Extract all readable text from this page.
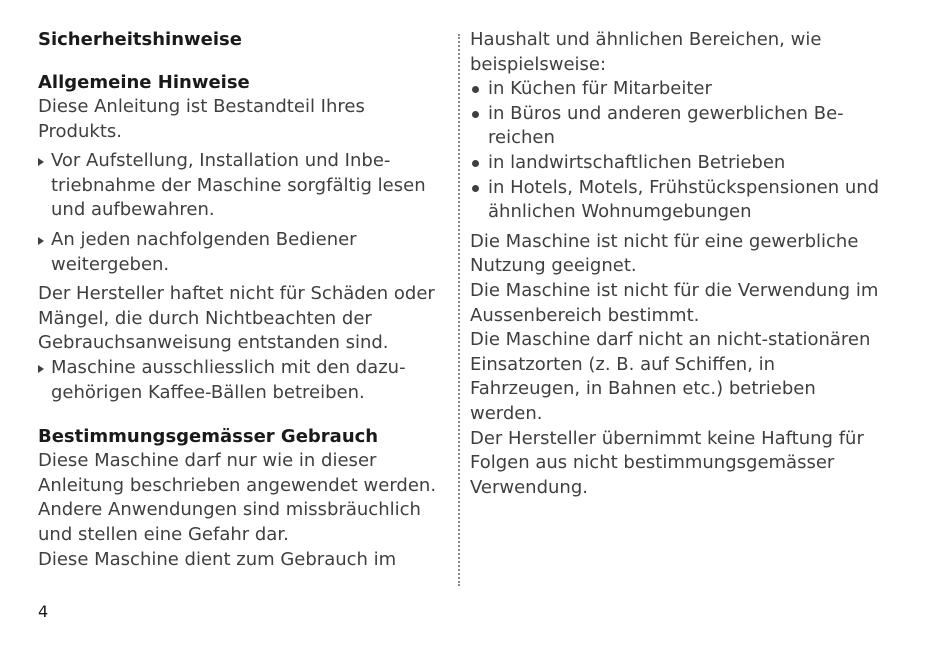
Sicherheitshinweise
Allgemeine Hinweise

Diese Anleitung ist Bestandteil Ihres Produkts.

Vor Aufstellung, Installation und Inbe-triebnahme der Maschine sorgfältig lesen und aufbewahren.
An jeden nachfolgenden Bediener weitergeben.

Der Hersteller haftet nicht für Schäden oder Mängel, die durch Nichtbeachten der Gebrauchsanweisung entstanden sind.

Maschine ausschliesslich mit den dazu-gehörigen Kaffee-Bällen betreiben.
Bestimmungsgemässer Gebrauch

Diese Maschine darf nur wie in dieser Anleitung beschrieben angewendet werden. Andere Anwendungen sind missbräuchlich und stellen eine Gefahr dar.

Diese Maschine dient zum Gebrauch im

Haushalt und ähnlichen Bereichen, wie beispielsweise:

in Küchen für Mitarbeiter
in Büros und anderen gewerblichen Be-reichen
in landwirtschaftlichen Betrieben
in Hotels, Motels, Frühstückspensionen und ähnlichen Wohnumgebungen

Die Maschine ist nicht für eine gewerbliche Nutzung geeignet.

Die Maschine ist nicht für die Verwendung im Aussenbereich bestimmt.

Die Maschine darf nicht an nicht-stationären Einsatzorten (z. B. auf Schiffen, in Fahrzeugen, in Bahnen etc.) betrieben werden.

Der Hersteller übernimmt keine Haftung für Folgen aus nicht bestimmungsgemässer Verwendung.

4
